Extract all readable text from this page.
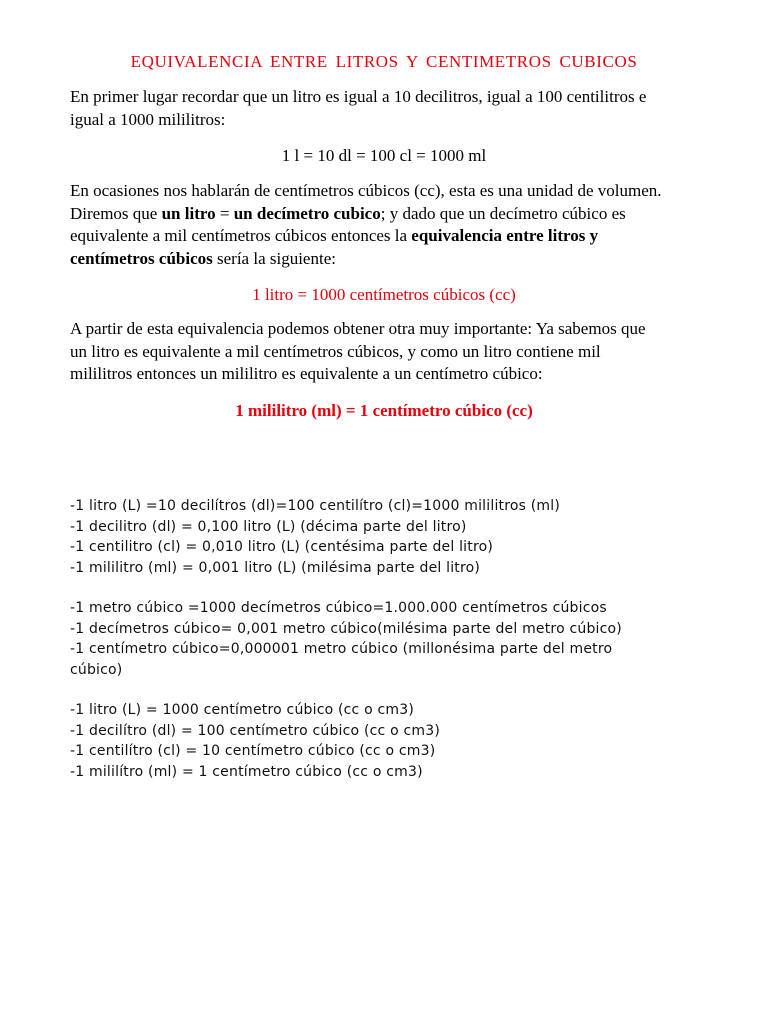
EQUIVALENCIA ENTRE LITROS Y CENTIMETROS CUBICOS
En primer lugar recordar que un litro es igual a 10 decilitros, igual a 100 centilitros e
igual a 1000 mililitros:
1 l = 10 dl = 100 cl = 1000 ml
En ocasiones nos hablarán de centímetros cúbicos (cc), esta es una unidad de volumen.
Diremos que un litro = un decímetro cubico; y dado que un decímetro cúbico es
equivalente a mil centímetros cúbicos entonces la equivalencia entre litros y
centímetros cúbicos sería la siguiente:
1 litro = 1000 centímetros cúbicos (cc)
A partir de esta equivalencia podemos obtener otra muy importante: Ya sabemos que
un litro es equivalente a mil centímetros cúbicos, y como un litro contiene mil
mililitros entonces un mililitro es equivalente a un centímetro cúbico:
1 mililitro (ml) = 1 centímetro cúbico (cc)
-1 litro (L) =10 decilítros (dl)=100 centilítro (cl)=1000 mililitros (ml)
-1 decilitro (dl) = 0,100 litro (L) (décima parte del litro)
-1 centilitro (cl) = 0,010 litro (L) (centésima parte del litro)
-1 mililitro (ml) = 0,001 litro (L) (milésima parte del litro)
-1 metro cúbico =1000 decímetros cúbico=1.000.000 centímetros cúbicos
-1 decímetros cúbico= 0,001 metro cúbico(milésima parte del metro cúbico)
-1 centímetro cúbico=0,000001 metro cúbico (millonésima parte del metro
cúbico)
-1 litro (L) = 1000 centímetro cúbico (cc o cm3)
-1 decilítro (dl) = 100 centímetro cúbico (cc o cm3)
-1 centilítro (cl) = 10 centímetro cúbico (cc o cm3)
-1 mililítro (ml) = 1 centímetro cúbico (cc o cm3)
